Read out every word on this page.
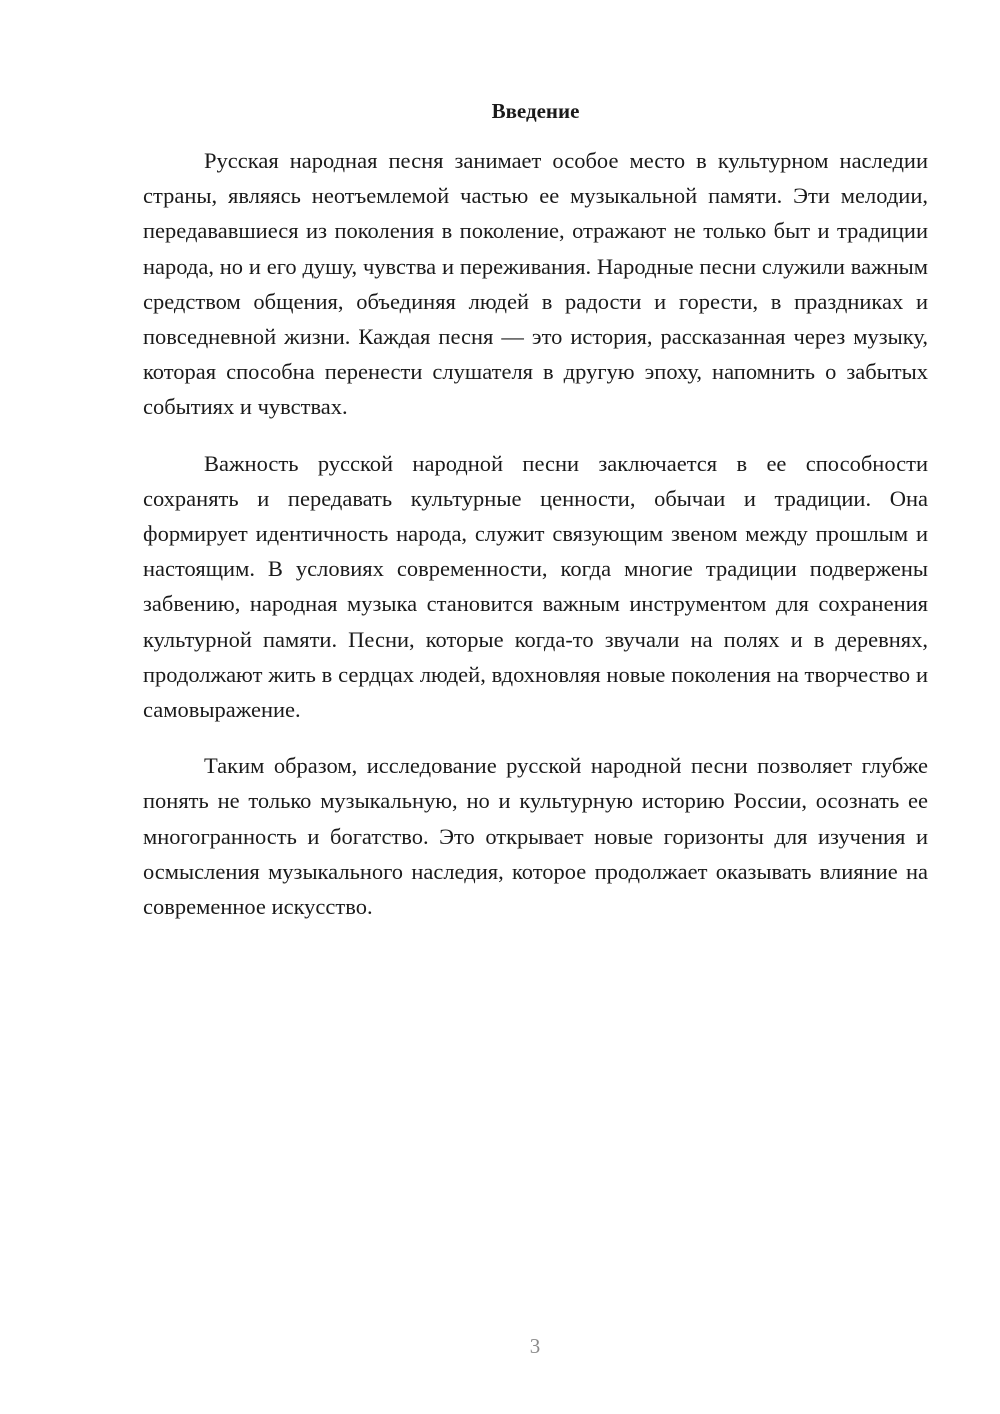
Введение

Русская народная песня занимает особое место в культурном наследии страны, являясь неотъемлемой частью ее музыкальной памяти. Эти мелодии, передававшиеся из поколения в поколение, отражают не только быт и традиции народа, но и его душу, чувства и переживания. Народные песни служили важным средством общения, объединяя людей в радости и горести, в праздниках и повседневной жизни. Каждая песня — это история, рассказанная через музыку, которая способна перенести слушателя в другую эпоху, напомнить о забытых событиях и чувствах.

Важность русской народной песни заключается в ее способности сохранять и передавать культурные ценности, обычаи и традиции. Она формирует идентичность народа, служит связующим звеном между прошлым и настоящим. В условиях современности, когда многие традиции подвержены забвению, народная музыка становится важным инструментом для сохранения культурной памяти. Песни, которые когда-то звучали на полях и в деревнях, продолжают жить в сердцах людей, вдохновляя новые поколения на творчество и самовыражение.

Таким образом, исследование русской народной песни позволяет глубже понять не только музыкальную, но и культурную историю России, осознать ее многогранность и богатство. Это открывает новые горизонты для изучения и осмысления музыкального наследия, которое продолжает оказывать влияние на современное искусство.

3
